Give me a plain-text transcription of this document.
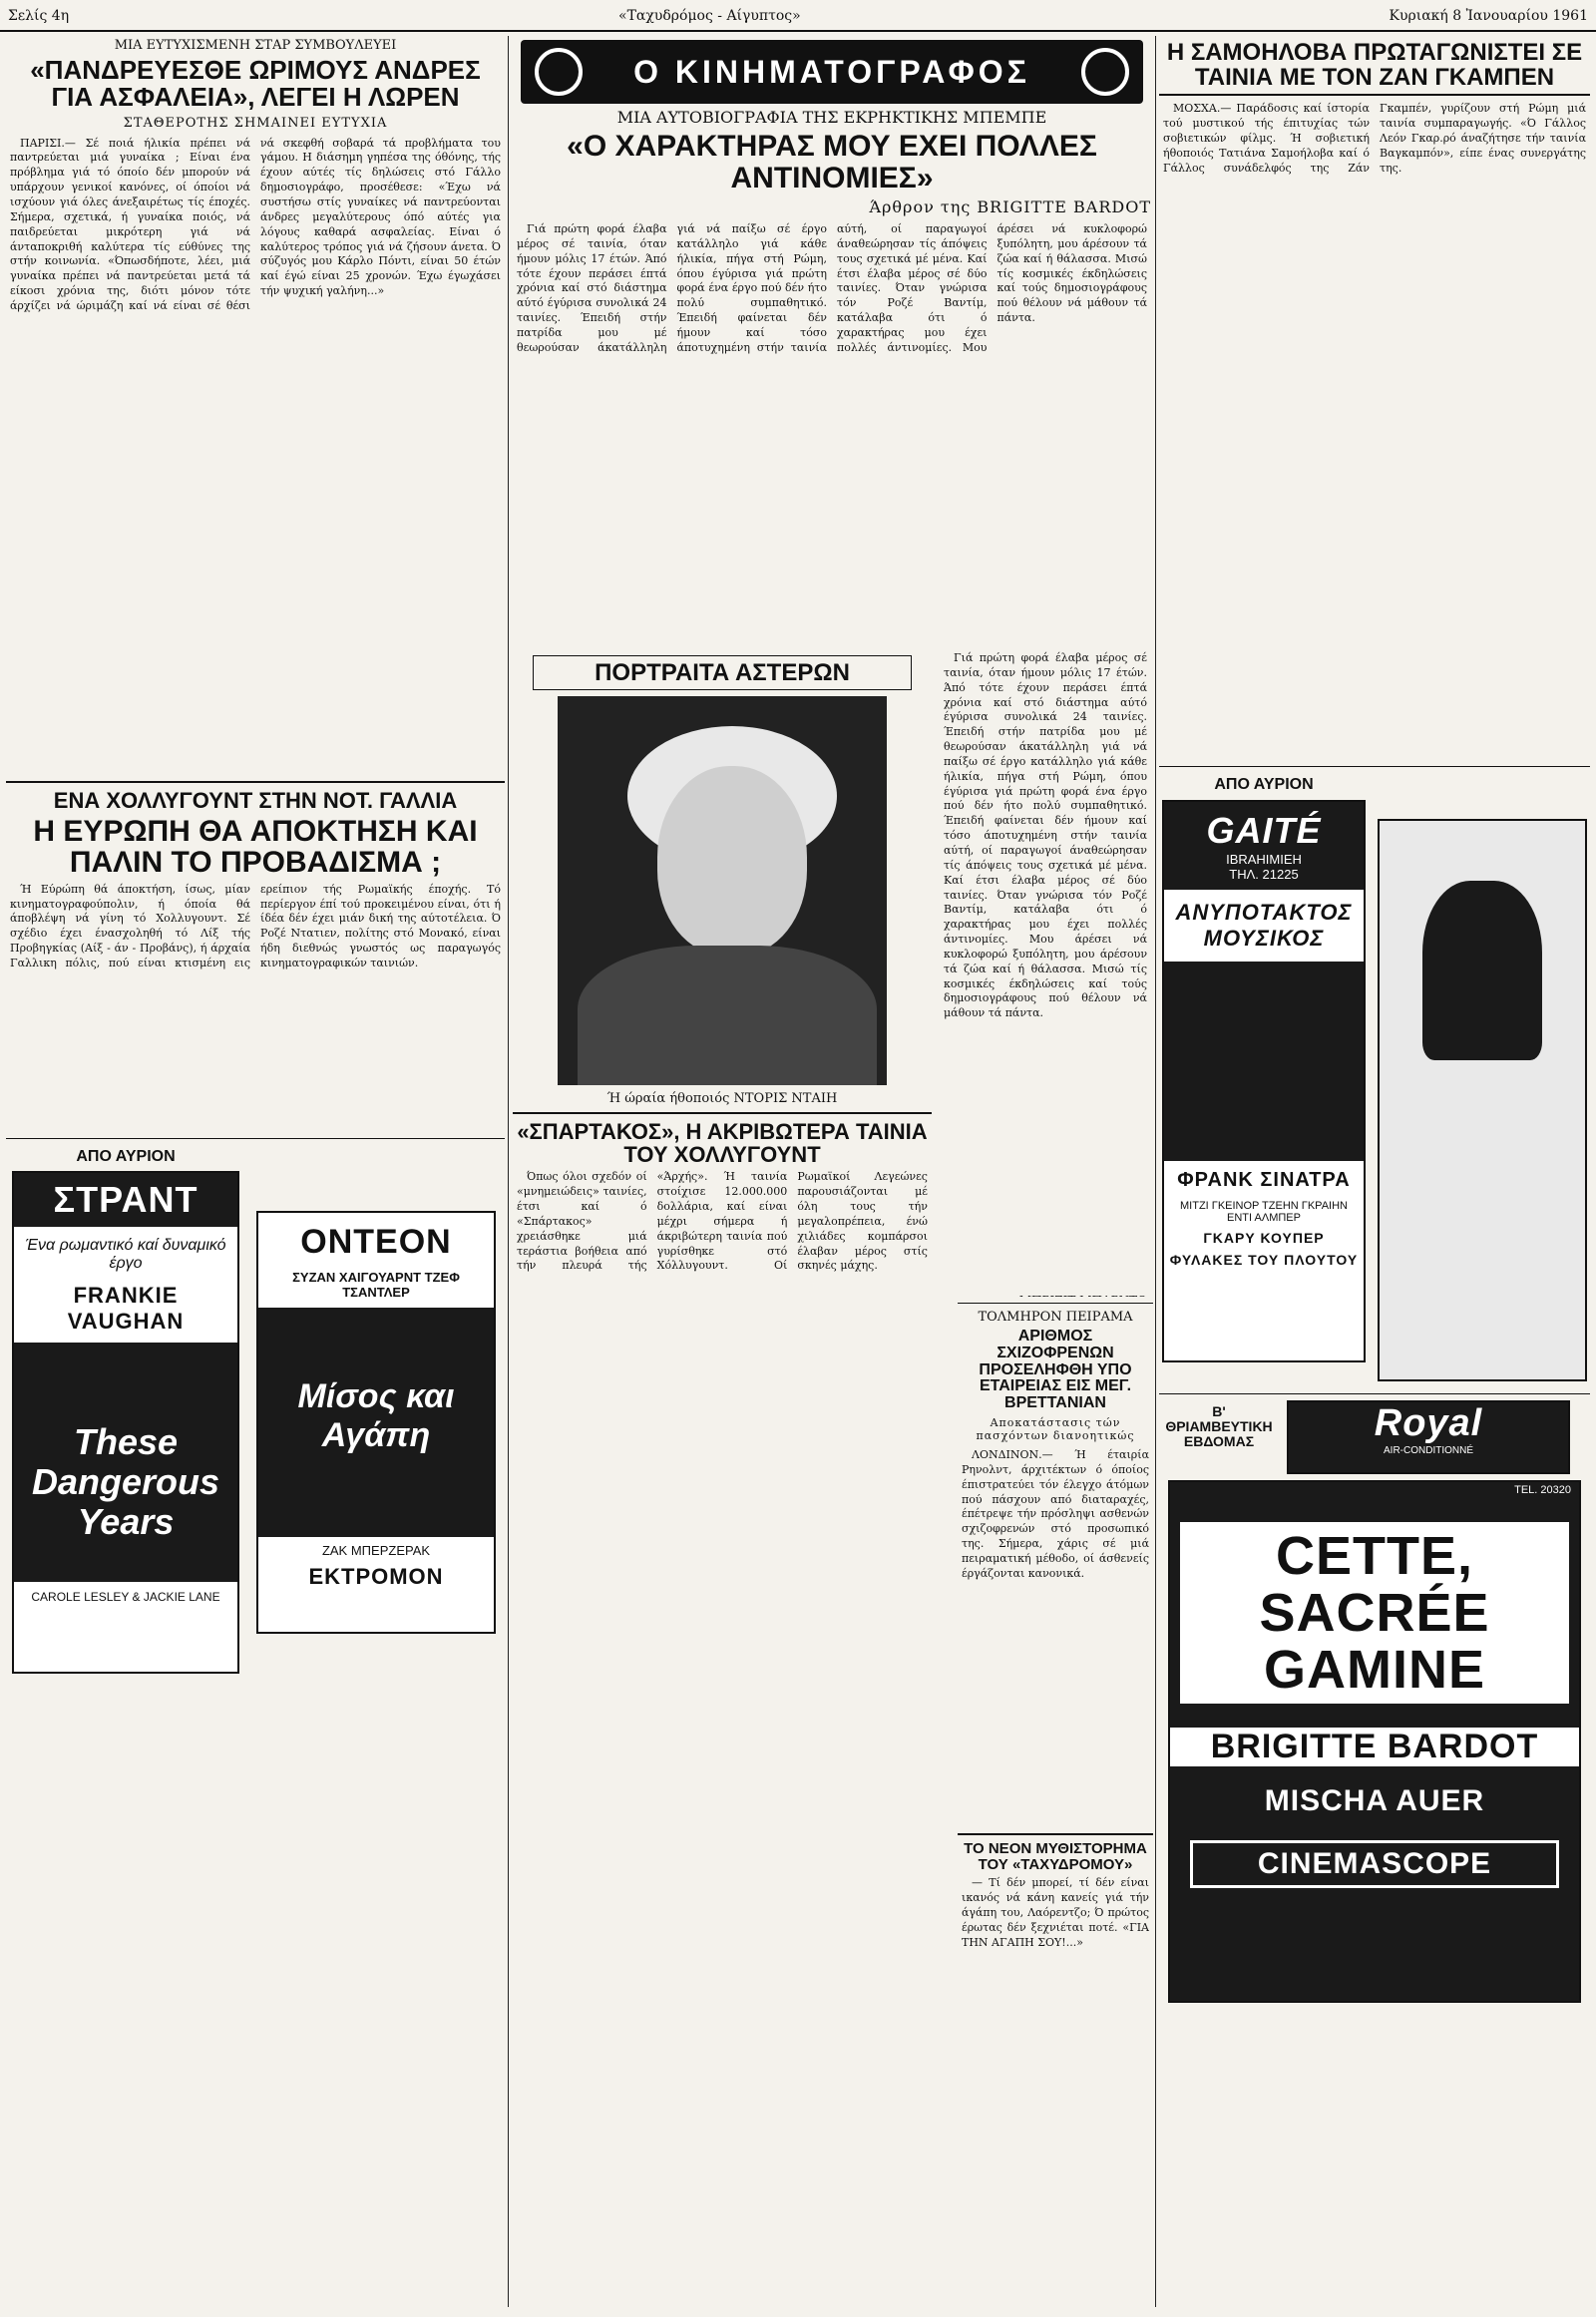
Σελίς 4η	«Ταχυδρόμος - Αίγυπτος»	Κυριακή 8 Ἰανουαρίου 1961
ΜΙΑ ΕΥΤΥΧΙΣΜΕΝΗ ΣΤΑΡ ΣΥΜΒΟΥΛΕΥΕΙ
«ΠΑΝΔΡΕΥΕΣΘΕ ΩΡΙΜΟΥΣ ΑΝΔΡΕΣ ΓΙΑ ΑΣΦΑΛΕΙΑ», ΛΕΓΕΙ Η ΛΩΡΕΝ
ΣΤΑΘΕΡΟΤΗΣ ΣΗΜΑΙΝΕΙ ΕΥΤΥΧΙΑ

ΠΑΡΙΣΙ.— Σέ ποιά ήλικία πρέπει νά παντρεύεται μιά γυναίκα ; Είναι ένα πρόβλημα γιά τό όποίο δέν μπορούν νά υπάρχουν γενικοί κανόνες, οί όποίοι νά ισχύουν γιά όλες άνεξαιρέτως τίς έποχές. Σήμερα, σχετικά, ή γυναίκα ποιός, νά παιδρεύεται μικρότερη γιά νά άνταποκριθή καλύτερα τίς εύθύνες της στήν κοινωνία. «Όπωσδήποτε, λέει, μιά γυναίκα πρέπει νά παντρεύεται μετά τά είκοσι χρόνια της, διότι μόνον τότε άρχίζει νά ώριμάζη καί νά είναι σέ θέσι νά σκεφθή σοβαρά τά προβλήματα του γάμου. Η διάσημη γηπέσα της όθόνης, τής έχουν αύτές τίς δηλώσεις στό Γάλλο δημοσιογράφο, προσέθεσε: «Έχω νά συστήσω στίς γυναίκες νά παντρεύονται άνδρες μεγαλύτερους όπό αύτές για λόγους καθαρά ασφαλείας. Είναι ό καλύτερος τρόπος γιά νά ζήσουν άνετα. Ό σύζυγός μου Κάρλο Πόντι, είναι 50 έτών καί έγώ είναι 25 χρονών. Έχω έγωχάσει τήν ψυχική γαλήνη...»

ΕΝΑ ΧΟΛΛΥΓΟΥΝΤ ΣΤΗΝ ΝΟΤ. ΓΑΛΛΙΑ
Η ΕΥΡΩΠΗ ΘΑ ΑΠΟΚΤΗΣΗ ΚΑΙ ΠΑΛΙΝ ΤΟ ΠΡΟΒΑΔΙΣΜΑ ;

Ή Εύρώπη θά άποκτήση, ίσως, μίαν κινηματογραφούπολιν, ή όποία θά άποβλέψη νά γίνη τό Χολλυγουντ. Σέ σχέδιο έχει ένασχοληθή τό Λίξ τής Προβηγκίας (Αίξ - άν - Προβάνς), ή άρχαία Γαλλικη πόλις, πού είναι κτισμένη εις ερείπιον τής Ρωμαϊκής έποχής. Τό περίεργον έπί τού προκειμένου είναι, ότι ή ίδέα δέν έχει μιάν δική της αύτοτέλεια. Ό Ροζέ Ντατιεν, πολίτης στό Μονακό, είναι ήδη διεθνώς γνωστός ως παραγωγός κινηματογραφικών ταινιών.

ΑΠΟ ΑΥΡΙΟΝ
ΣΤΡΑΝΤ
Ένα ρωμαντικό καί δυναμικό έργο
FRANKIE VAUGHAN
These Dangerous Years
CAROLE LESLEY & JACKIE LANE
ΟΝΤΕΟΝ
ΣΥΖΑΝ ΧΑΙΓΟΥΑΡΝΤ ΤΖΕΦ ΤΣΑΝΤΛΕΡ
Μίσος και Αγάπη
ΖΑΚ ΜΠΕΡΖΕΡΑΚ
ΕΚΤΡΟΜΟΝ
Ο ΚΙΝΗΜΑΤΟΓΡΑΦΟΣ
ΜΙΑ ΑΥΤΟΒΙΟΓΡΑΦΙΑ ΤΗΣ ΕΚΡΗΚΤΙΚΗΣ ΜΠΕΜΠΕ
«Ο ΧΑΡΑΚΤΗΡΑΣ ΜΟΥ ΕΧΕΙ ΠΟΛΛΕΣ ΑΝΤΙΝΟΜΙΕΣ»
Άρθρον της BRIGITTE BARDOT

Γιά πρώτη φορά έλαβα μέρος σέ ταινία, όταν ήμουν μόλις 17 έτών. Άπό τότε έχουν περάσει έπτά χρόνια καί στό διάστημα αύτό έγύρισα συνολικά 24 ταινίες. Έπειδή στήν πατρίδα μου μέ θεωρούσαν άκατάλληλη γιά νά παίξω σέ έργο κατάλληλο γιά κάθε ήλικία, πήγα στή Ρώμη, όπου έγύρισα γιά πρώτη φορά ένα έργο πού δέν ήτο πολύ συμπαθητικό. Έπειδή φαίνεται δέν ήμουν καί τόσο άποτυχημένη στήν ταινία αύτή, οί παραγωγοί άναθεώρησαν τίς άπόψεις τους σχετικά μέ μένα. Καί έτσι έλαβα μέρος σέ δύο ταινίες. Όταν γνώρισα τόν Ροζέ Βαντίμ, κατάλαβα ότι ό χαρακτήρας μου έχει πολλές άντινομίες. Μου άρέσει νά κυκλοφορώ ξυπόλητη, μου άρέσουν τά ζώα καί ή θάλασσα. Μισώ τίς κοσμικές έκδηλώσεις καί τούς δημοσιογράφους πού θέλουν νά μάθουν τά πάντα.

ΠΟΡΤΡΑΙΤΑ ΑΣΤΕΡΩΝ
Ή ώραία ήθοποιός ΝΤΟΡΙΣ ΝΤΑΙΗ
«ΣΠΑΡΤΑΚΟΣ», Η ΑΚΡΙΒΩΤΕΡΑ ΤΑΙΝΙΑ ΤΟΥ ΧΟΛΛΥΓΟΥΝΤ

Όπως όλοι σχεδόν οί «μνημειώδεις» ταινίες, έτσι καί ό «Σπάρτακος» χρειάσθηκε μιά τεράστια βοήθεια από τήν πλευρά τής «Άρχής». Ή ταινία στοίχισε 12.000.000 δολλάρια, καί είναι μέχρι σήμερα ή άκριβώτερη ταινία πού γυρίσθηκε στό Χόλλυγουντ. Οί Ρωμαϊκοί Λεγεώνες παρουσιάζονται μέ όλη τους τήν μεγαλοπρέπεια, ένώ χιλιάδες κομπάρσοι έλαβαν μέρος στίς σκηνές μάχης.

Γιά πρώτη φορά έλαβα μέρος σέ ταινία, όταν ήμουν μόλις 17 έτών. Άπό τότε έχουν περάσει έπτά χρόνια καί στό διάστημα αύτό έγύρισα συνολικά 24 ταινίες. Έπειδή στήν πατρίδα μου μέ θεωρούσαν άκατάλληλη γιά νά παίξω σέ έργο κατάλληλο γιά κάθε ήλικία, πήγα στή Ρώμη, όπου έγύρισα γιά πρώτη φορά ένα έργο πού δέν ήτο πολύ συμπαθητικό. Έπειδή φαίνεται δέν ήμουν καί τόσο άποτυχημένη στήν ταινία αύτή, οί παραγωγοί άναθεώρησαν τίς άπόψεις τους σχετικά μέ μένα. Καί έτσι έλαβα μέρος σέ δύο ταινίες. Όταν γνώρισα τόν Ροζέ Βαντίμ, κατάλαβα ότι ό χαρακτήρας μου έχει πολλές άντινομίες. Μου άρέσει νά κυκλοφορώ ξυπόλητη, μου άρέσουν τά ζώα καί ή θάλασσα. Μισώ τίς κοσμικές έκδηλώσεις καί τούς δημοσιογράφους πού θέλουν νά μάθουν τά πάντα.

ΤΟΛΜΗΡΟΝ ΠΕΙΡΑΜΑ
ΑΡΙΘΜΟΣ ΣΧΙΖΟΦΡΕΝΩΝ ΠΡΟΣΕΛΗΦΘΗ ΥΠΟ ΕΤΑΙΡΕΙΑΣ ΕΙΣ ΜΕΓ. ΒΡΕΤΤΑΝΙΑΝ
Αποκατάστασις τών πασχόντων διανοητικώς

ΛΟΝΔΙΝΟΝ.— Ή έταιρία Ρηνολντ, άρχιτέκτων ό όποίος έπιστρατεύει τόν έλεγχο άτόμων πού πάσχουν από διαταραχές, έπέτρεψε τήν πρόσληψι ασθενών σχιζοφρενών στό προσωπικό της. Σήμερα, χάρις σέ μιά πειραματική μέθοδο, οί άσθενείς έργάζονται κανονικά.

ΤΟ ΝΕΟΝ ΜΥΘΙΣΤΟΡΗΜΑ ΤΟΥ «ΤΑΧΥΔΡΟΜΟΥ»

— Τί δέν μπορεί, τί δέν είναι ικανός νά κάνη κανείς γιά τήν άγάπη του, Λαόρεντζο; Ό πρώτος έρωτας δέν ξεχνιέται ποτέ. «ΓΙΑ ΤΗΝ ΑΓΑΠΗ ΣΟΥ!...»

Η ΣΑΜΟΗΛΟΒΑ ΠΡΩΤΑΓΩΝΙΣΤΕΙ ΣΕ ΤΑΙΝΙΑ ΜΕ ΤΟΝ ΖΑΝ ΓΚΑΜΠΕΝ

ΜΟΣΧΑ.— Παράδοσις καί ίστορία τού μυστικού τής έπιτυχίας τών σοβιετικών φίλμς. Ή σοβιετική ήθοποιός Τατιάνα Σαμοήλοβα καί ό Γάλλος συνάδελφός της Ζάν Γκαμπέν, γυρίζουν στή Ρώμη μιά ταινία συμπαραγωγής. «Ό Γάλλος Λεόν Γκαρ.ρό άναζήτησε τήν ταινία Βαγκαμπόν», είπε ένας συνεργάτης της.

ΑΠΟ ΑΥΡΙΟΝ
GAITÉ
IBRAHIMIEH
ΤΗΛ. 21225
ΑΝΥΠΟΤΑΚΤΟΣ ΜΟΥΣΙΚΟΣ
ΦΡΑΝΚ ΣΙΝΑΤΡΑ
ΜΙΤΖΙ ΓΚΕΙΝΟΡ ΤΖΕΗΝ ΓΚΡΑΙΗΝ ΕΝΤΙ ΑΛΜΠΕΡ
ΓΚΑΡΥ ΚΟΥΠΕΡ
ΦΥΛΑΚΕΣ ΤΟΥ ΠΛΟΥΤΟΥ
Β' ΘΡΙΑΜΒΕΥΤΙΚΗ ΕΒΔΟΜΑΣ	Royal
AIR-CONDITIONNÉ
TEL. 20320
CETTE, SACRÉE GAMINE
BRIGITTE BARDOT
MISCHA AUER
CINEMASCOPE
